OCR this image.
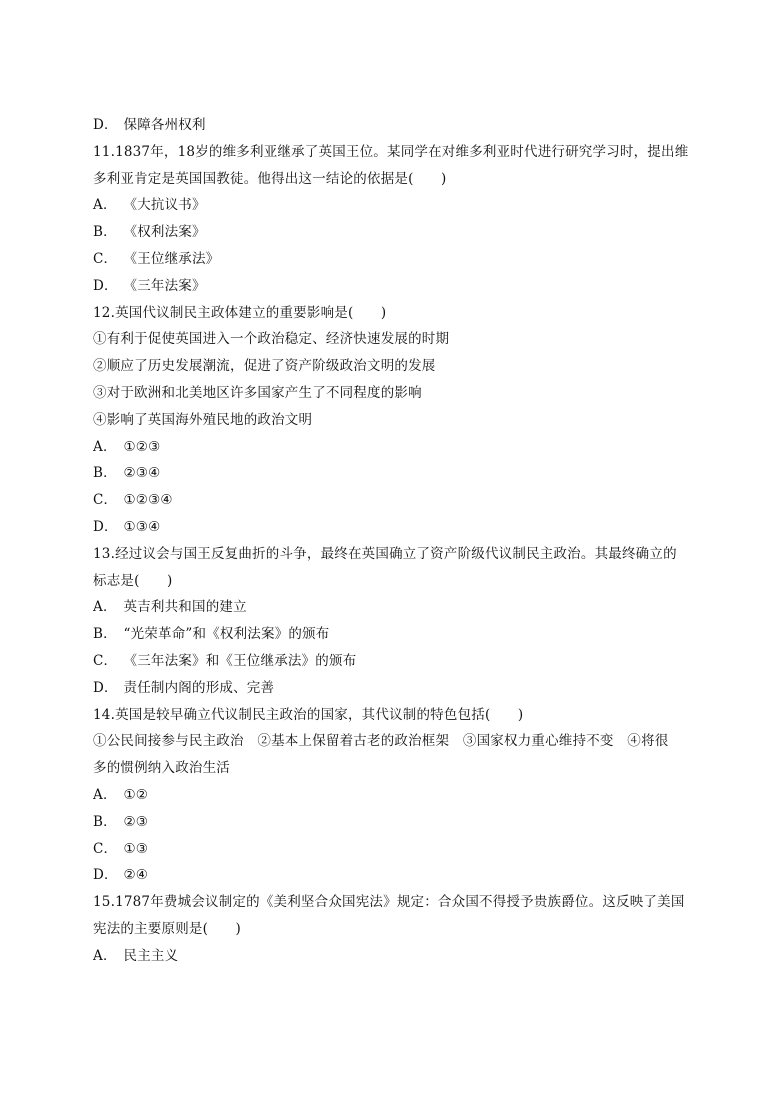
D． 保障各州权利
11.1837年，18岁的维多利亚继承了英国王位。某同学在对维多利亚时代进行研究学习时，提出维
多利亚肯定是英国国教徒。他得出这一结论的依据是(　　)
A． 《大抗议书》
B． 《权利法案》
C． 《王位继承法》
D． 《三年法案》
12.英国代议制民主政体建立的重要影响是(　　)
①有利于促使英国进入一个政治稳定、经济快速发展的时期
②顺应了历史发展潮流，促进了资产阶级政治文明的发展
③对于欧洲和北美地区许多国家产生了不同程度的影响
④影响了英国海外殖民地的政治文明
A． ①②③
B． ②③④
C． ①②③④
D． ①③④
13.经过议会与国王反复曲折的斗争，最终在英国确立了资产阶级代议制民主政治。其最终确立的
标志是(　　)
A． 英吉利共和国的建立
B． “光荣革命”和《权利法案》的颁布
C． 《三年法案》和《王位继承法》的颁布
D． 责任制内阁的形成、完善
14.英国是较早确立代议制民主政治的国家，其代议制的特色包括(　　)
①公民间接参与民主政治　②基本上保留着古老的政治框架　③国家权力重心维持不变　④将很
多的惯例纳入政治生活
A． ①②
B． ②③
C． ①③
D． ②④
15.1787年费城会议制定的《美利坚合众国宪法》规定：合众国不得授予贵族爵位。这反映了美国
宪法的主要原则是(　　)
A． 民主主义
